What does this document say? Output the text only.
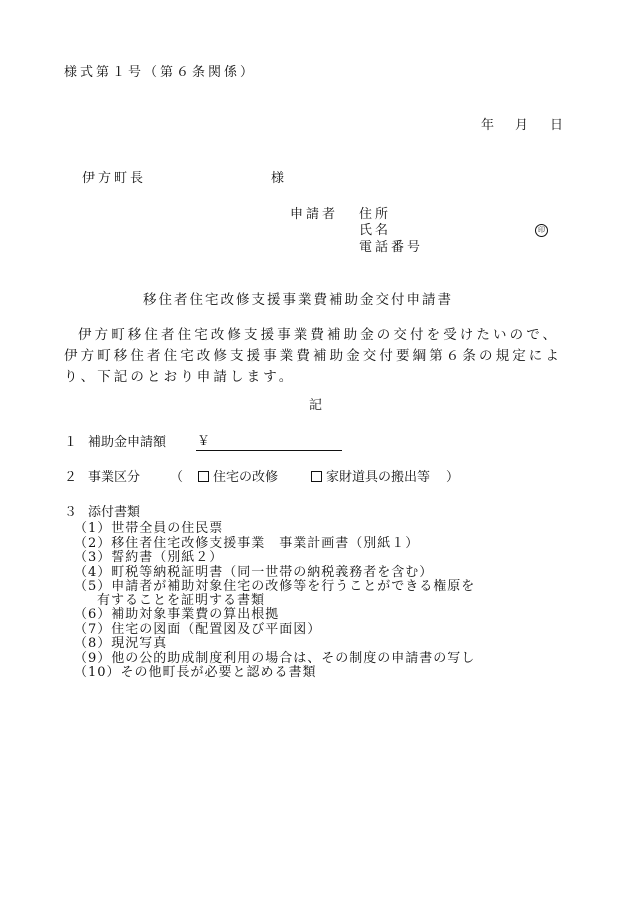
様式第１号（第６条関係）
年 月 日
伊方町長	様
申請者 住所
氏名	印
電話番号
移住者住宅改修支援事業費補助金交付申請書
伊方町移住者住宅改修支援事業費補助金の交付を受けたいので、伊方町移住者住宅改修支援事業費補助金交付要綱第６条の規定により、下記のとおり申請します。
記
１ 補助金申請額 ￥
２ 事業区分 （	住宅の改修	家財道具の搬出等 ）
３ 添付書類
（1）世帯全員の住民票
（2）移住者住宅改修支援事業　事業計画書（別紙１）
（3）誓約書（別紙２）
（4）町税等納税証明書（同一世帯の納税義務者を含む）
（5）申請者が補助対象住宅の改修等を行うことができる権原を
有することを証明する書類
（6）補助対象事業費の算出根拠
（7）住宅の図面（配置図及び平面図）
（8）現況写真
（9）他の公的助成制度利用の場合は、その制度の申請書の写し
（10）その他町長が必要と認める書類
